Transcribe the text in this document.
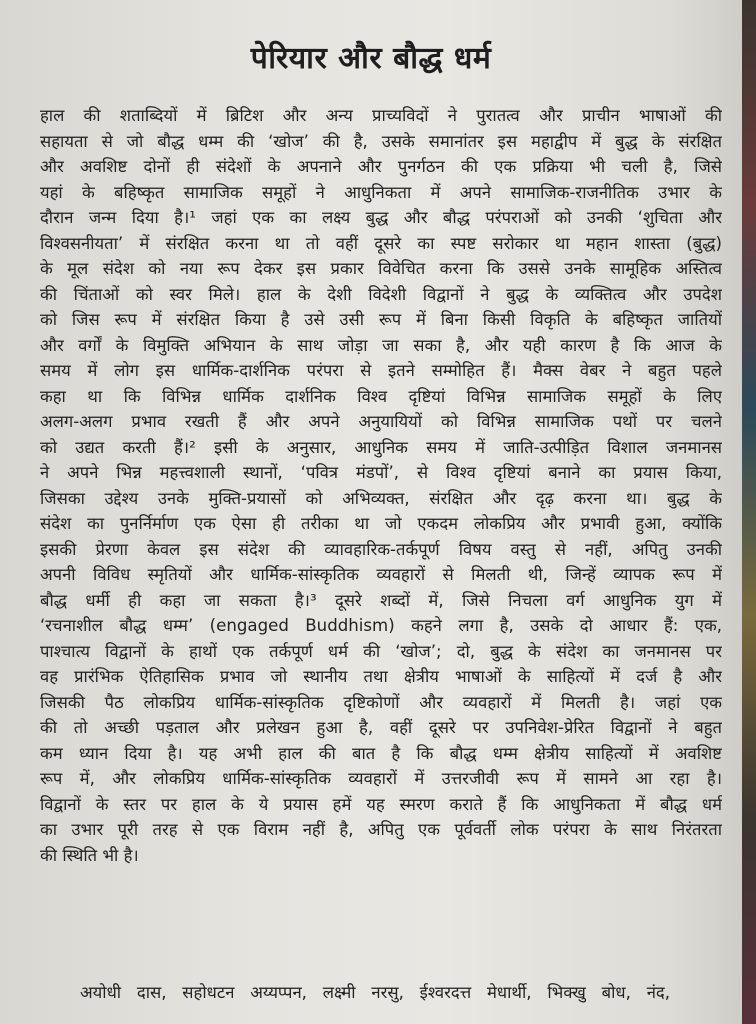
पेरियार और बौद्ध धर्म
हाल की शताब्दियों में ब्रिटिश और अन्य प्राच्यविदों ने पुरातत्व और प्राचीन भाषाओं की
सहायता से जो बौद्ध धम्म की ‘खोज’ की है, उसके समानांतर इस महाद्वीप में बुद्ध के संरक्षित
और अवशिष्ट दोनों ही संदेशों के अपनाने और पुनर्गठन की एक प्रक्रिया भी चली है, जिसे
यहां के बहिष्कृत सामाजिक समूहों ने आधुनिकता में अपने सामाजिक-राजनीतिक उभार के
दौरान जन्म दिया है।¹ जहां एक का लक्ष्य बुद्ध और बौद्ध परंपराओं को उनकी ‘शुचिता और
विश्वसनीयता’ में संरक्षित करना था तो वहीं दूसरे का स्पष्ट सरोकार था महान शास्ता (बुद्ध)
के मूल संदेश को नया रूप देकर इस प्रकार विवेचित करना कि उससे उनके सामूहिक अस्तित्व
की चिंताओं को स्वर मिले। हाल के देशी विदेशी विद्वानों ने बुद्ध के व्यक्तित्व और उपदेश
को जिस रूप में संरक्षित किया है उसे उसी रूप में बिना किसी विकृति के बहिष्कृत जातियों
और वर्गों के विमुक्ति अभियान के साथ जोड़ा जा सका है, और यही कारण है कि आज के
समय में लोग इस धार्मिक-दार्शनिक परंपरा से इतने सम्मोहित हैं। मैक्स वेबर ने बहुत पहले
कहा था कि विभिन्न धार्मिक दार्शनिक विश्व दृष्टियां विभिन्न सामाजिक समूहों के लिए
अलग-अलग प्रभाव रखती हैं और अपने अनुयायियों को विभिन्न सामाजिक पथों पर चलने
को उद्यत करती हैं।² इसी के अनुसार, आधुनिक समय में जाति-उत्पीड़ित विशाल जनमानस
ने अपने भिन्न महत्त्वशाली स्थानों, ‘पवित्र मंडपों’, से विश्व दृष्टियां बनाने का प्रयास किया,
जिसका उद्देश्य उनके मुक्ति-प्रयासों को अभिव्यक्त, संरक्षित और दृढ़ करना था। बुद्ध के
संदेश का पुनर्निर्माण एक ऐसा ही तरीका था जो एकदम लोकप्रिय और प्रभावी हुआ, क्योंकि
इसकी प्रेरणा केवल इस संदेश की व्यावहारिक-तर्कपूर्ण विषय वस्तु से नहीं, अपितु उनकी
अपनी विविध स्मृतियों और धार्मिक-सांस्कृतिक व्यवहारों से मिलती थी, जिन्हें व्यापक रूप में
बौद्ध धर्मी ही कहा जा सकता है।³ दूसरे शब्दों में, जिसे निचला वर्ग आधुनिक युग में
‘रचनाशील बौद्ध धम्म’ (engaged Buddhism) कहने लगा है, उसके दो आधार हैं: एक,
पाश्चात्य विद्वानों के हाथों एक तर्कपूर्ण धर्म की ‘खोज’; दो, बुद्ध के संदेश का जनमानस पर
वह प्रारंभिक ऐतिहासिक प्रभाव जो स्थानीय तथा क्षेत्रीय भाषाओं के साहित्यों में दर्ज है और
जिसकी पैठ लोकप्रिय धार्मिक-सांस्कृतिक दृष्टिकोणों और व्यवहारों में मिलती है। जहां एक
की तो अच्छी पड़ताल और प्रलेखन हुआ है, वहीं दूसरे पर उपनिवेश-प्रेरित विद्वानों ने बहुत
कम ध्यान दिया है। यह अभी हाल की बात है कि बौद्ध धम्म क्षेत्रीय साहित्यों में अवशिष्ट
रूप में, और लोकप्रिय धार्मिक-सांस्कृतिक व्यवहारों में उत्तरजीवी रूप में सामने आ रहा है।
विद्वानों के स्तर पर हाल के ये प्रयास हमें यह स्मरण कराते हैं कि आधुनिकता में बौद्ध धर्म
का उभार पूरी तरह से एक विराम नहीं है, अपितु एक पूर्ववर्ती लोक परंपरा के साथ निरंतरता
की स्थिति भी है।
अयोधी दास, सहोधटन अय्यप्पन, लक्ष्मी नरसु, ईश्वरदत्त मेधार्थी, भिक्खु बोध, नंद,
